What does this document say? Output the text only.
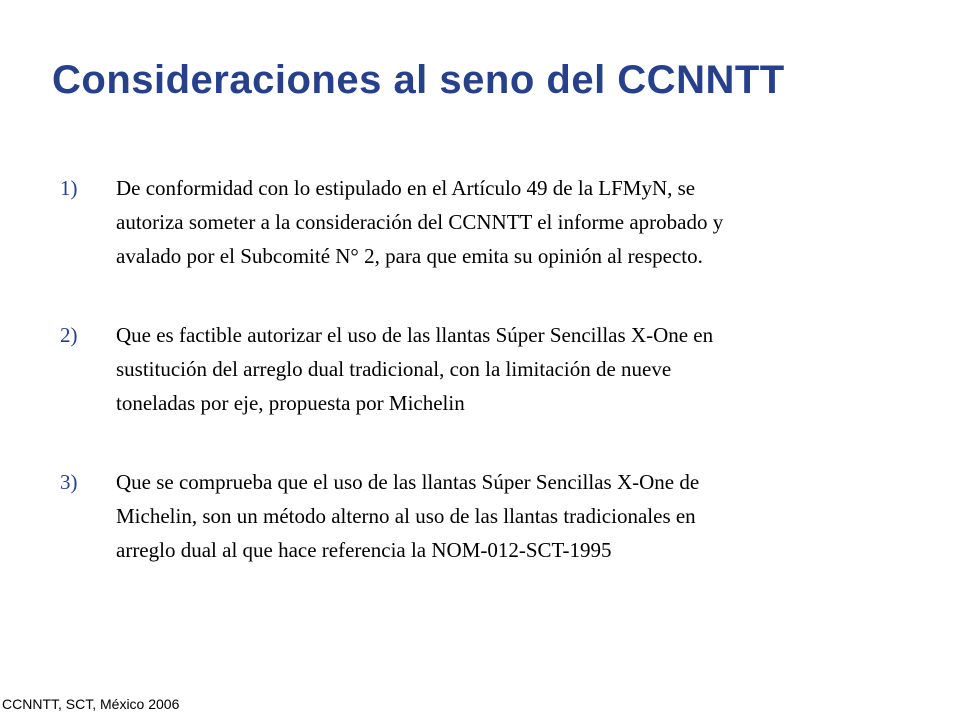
Consideraciones al seno del CCNNTT
1)	De conformidad con lo estipulado en el Artículo 49 de la LFMyN, se
autoriza someter a la consideración del CCNNTT el informe aprobado y
avalado por el Subcomité N° 2, para que emita su opinión al respecto.
2)	Que es factible autorizar el uso de las llantas Súper Sencillas X-One en
sustitución del arreglo dual tradicional, con la limitación de nueve
toneladas por eje, propuesta por Michelin
3)	Que se comprueba que el uso de las llantas Súper Sencillas X-One de
Michelin, son un método alterno al uso de las llantas tradicionales en
arreglo dual al que hace referencia la NOM-012-SCT-1995
CCNNTT, SCT, México 2006
